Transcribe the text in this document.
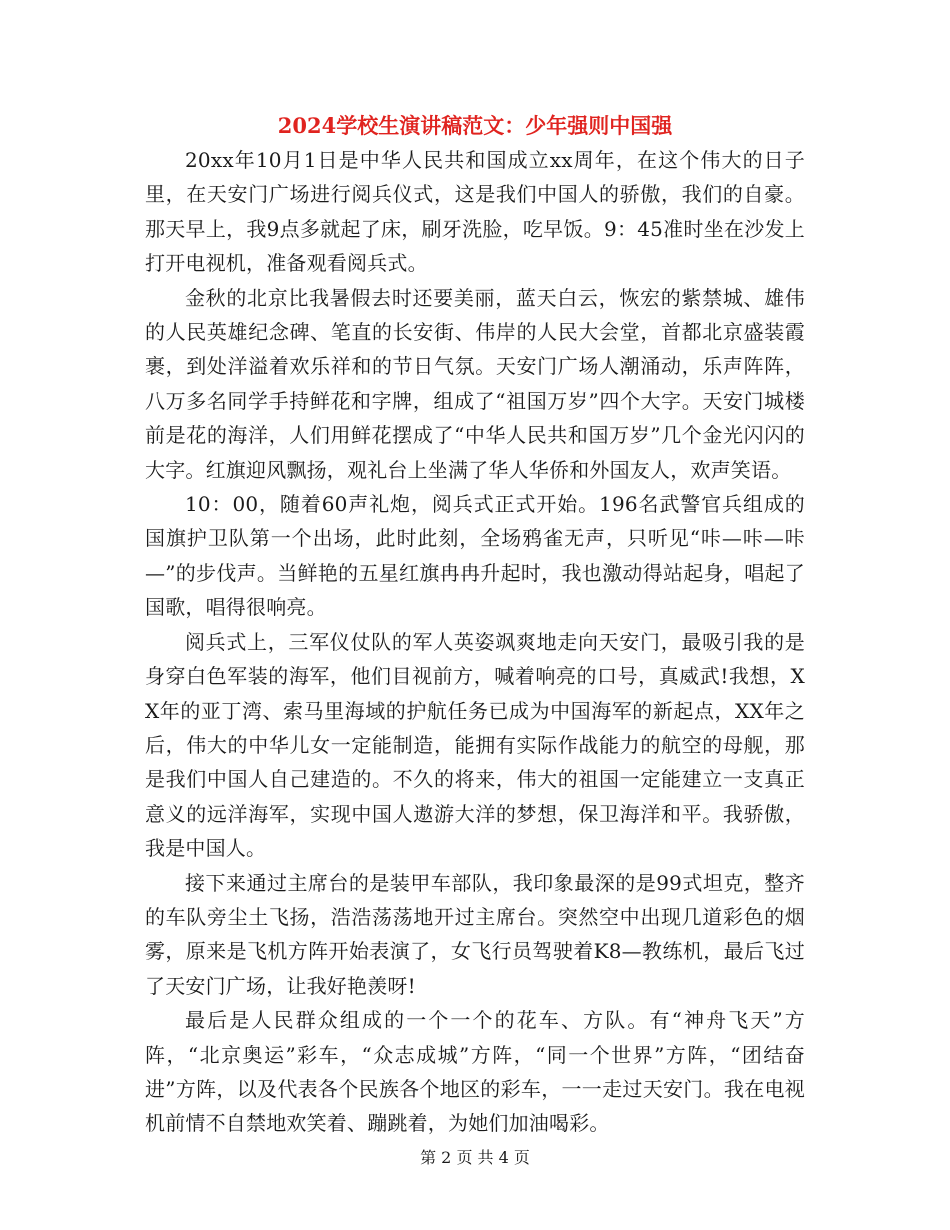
2024学校生演讲稿范文：少年强则中国强

20xx年10月1日是中华人民共和国成立xx周年，在这个伟大的日子里，在天安门广场进行阅兵仪式，这是我们中国人的骄傲，我们的自豪。那天早上，我9点多就起了床，刷牙洗脸，吃早饭。9：45准时坐在沙发上打开电视机，准备观看阅兵式。

金秋的北京比我暑假去时还要美丽，蓝天白云，恢宏的紫禁城、雄伟的人民英雄纪念碑、笔直的长安街、伟岸的人民大会堂，首都北京盛装霞裹，到处洋溢着欢乐祥和的节日气氛。天安门广场人潮涌动，乐声阵阵，八万多名同学手持鲜花和字牌，组成了“祖国万岁”四个大字。天安门城楼前是花的海洋，人们用鲜花摆成了“中华人民共和国万岁”几个金光闪闪的大字。红旗迎风飘扬，观礼台上坐满了华人华侨和外国友人，欢声笑语。

10：00，随着60声礼炮，阅兵式正式开始。196名武警官兵组成的国旗护卫队第一个出场，此时此刻，全场鸦雀无声，只听见“咔—咔—咔—”的步伐声。当鲜艳的五星红旗冉冉升起时，我也激动得站起身，唱起了国歌，唱得很响亮。

阅兵式上，三军仪仗队的军人英姿飒爽地走向天安门，最吸引我的是身穿白色军装的海军，他们目视前方，喊着响亮的口号，真威武!我想，XX年的亚丁湾、索马里海域的护航任务已成为中国海军的新起点，XX年之后，伟大的中华儿女一定能制造，能拥有实际作战能力的航空的母舰，那是我们中国人自己建造的。不久的将来，伟大的祖国一定能建立一支真正意义的远洋海军，实现中国人遨游大洋的梦想，保卫海洋和平。我骄傲，我是中国人。

接下来通过主席台的是装甲车部队，我印象最深的是99式坦克，整齐的车队旁尘土飞扬，浩浩荡荡地开过主席台。突然空中出现几道彩色的烟雾，原来是飞机方阵开始表演了，女飞行员驾驶着K8—教练机，最后飞过了天安门广场，让我好艳羡呀!

最后是人民群众组成的一个一个的花车、方队。有“神舟飞天”方阵，“北京奥运”彩车，“众志成城”方阵，“同一个世界”方阵，“团结奋进”方阵，以及代表各个民族各个地区的彩车，一一走过天安门。我在电视机前情不自禁地欢笑着、蹦跳着，为她们加油喝彩。

第 2 页 共 4 页
